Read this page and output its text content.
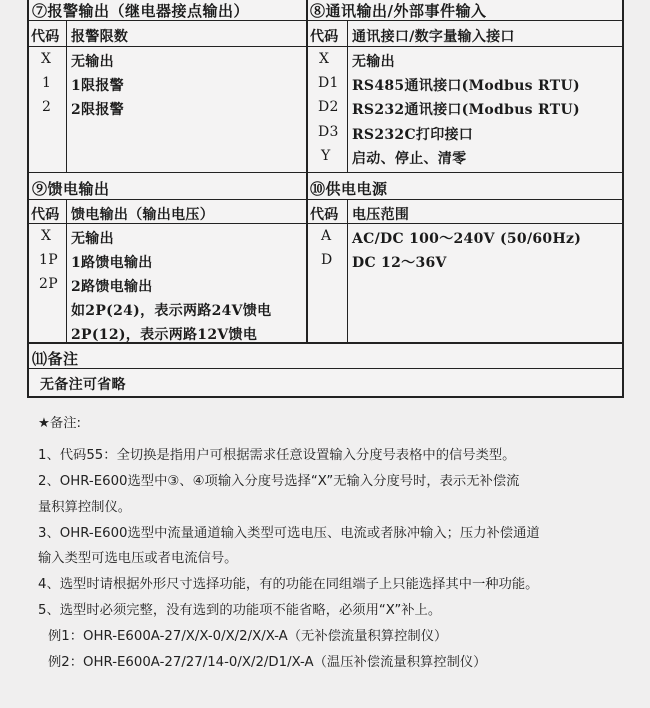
⑦报警输出（继电器接点输出）
代码 报警限数
X 无输出
1 1限报警
2 2限报警
⑧通讯输出/外部事件输入
代码 通讯接口/数字量输入接口
X 无输出
D1 RS485通讯接口(Modbus RTU)
D2 RS232通讯接口(Modbus RTU)
D3 RS232C打印接口
Y 启动、停止、清零
⑨馈电输出
代码 馈电输出（输出电压）
X 无输出
1P 1路馈电输出
2P 2路馈电输出
如2P(24)，表示两路24V馈电
2P(12)，表示两路12V馈电
⑩供电电源
代码 电压范围
A AC/DC 100～240V (50/60Hz)
D DC 12～36V
⑾备注
无备注可省略
★备注:
1、代码55：全切换是指用户可根据需求任意设置输入分度号表格中的信号类型。
2、OHR-E600选型中③、④项输入分度号选择“X”无输入分度号时，表示无补偿流
量积算控制仪。
3、OHR-E600选型中流量通道输入类型可选电压、电流或者脉冲输入；压力补偿通道
输入类型可选电压或者电流信号。
4、选型时请根据外形尺寸选择功能，有的功能在同组端子上只能选择其中一种功能。
5、选型时必须完整，没有选到的功能项不能省略，必须用“X”补上。
例1：OHR-E600A-27/X/X-0/X/2/X/X-A（无补偿流量积算控制仪）
例2：OHR-E600A-27/27/14-0/X/2/D1/X-A（温压补偿流量积算控制仪）
